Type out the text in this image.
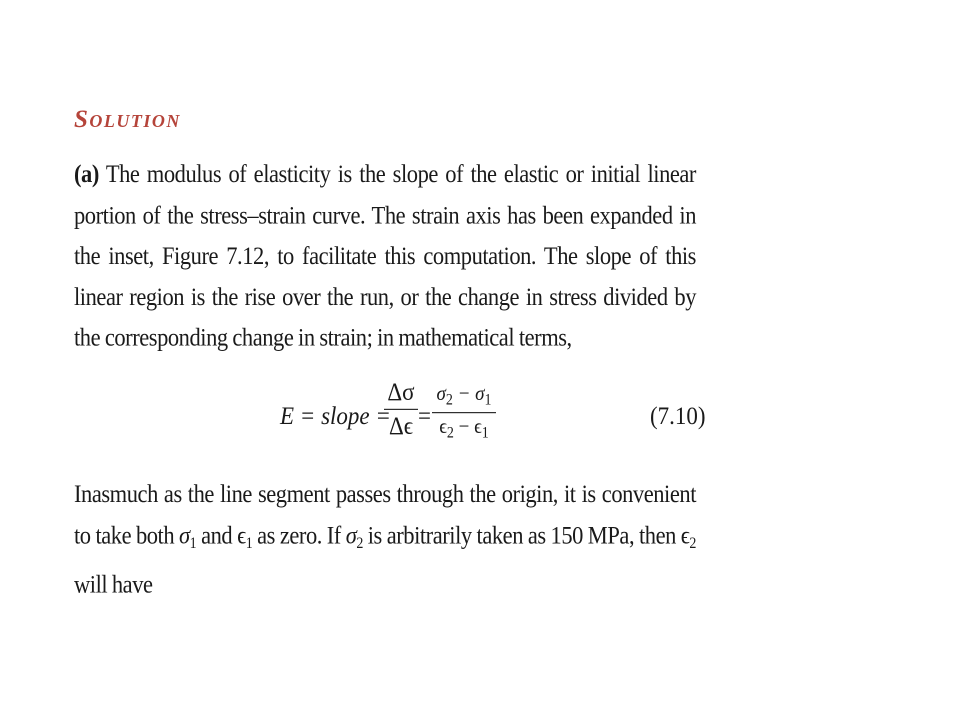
Solution
(a) The modulus of elasticity is the slope of the elastic or initial linear portion of the stress–strain curve. The strain axis has been expanded in the inset, Figure 7.12, to facilitate this computation. The slope of this linear region is the rise over the run, or the change in stress divided by the corresponding change in strain; in mathematical terms,
E = slope =
Δσ
Δϵ =
$\sigma_2 - \sigma_1$
$\epsilon_2 - \epsilon_1$
(7.10)
Inasmuch as the line segment passes through the origin, it is convenient to take both $\sigma_1$ and $\epsilon_1$ as zero. If $\sigma_2$ is arbitrarily taken as 150 MPa, then $\epsilon_2$ will have
